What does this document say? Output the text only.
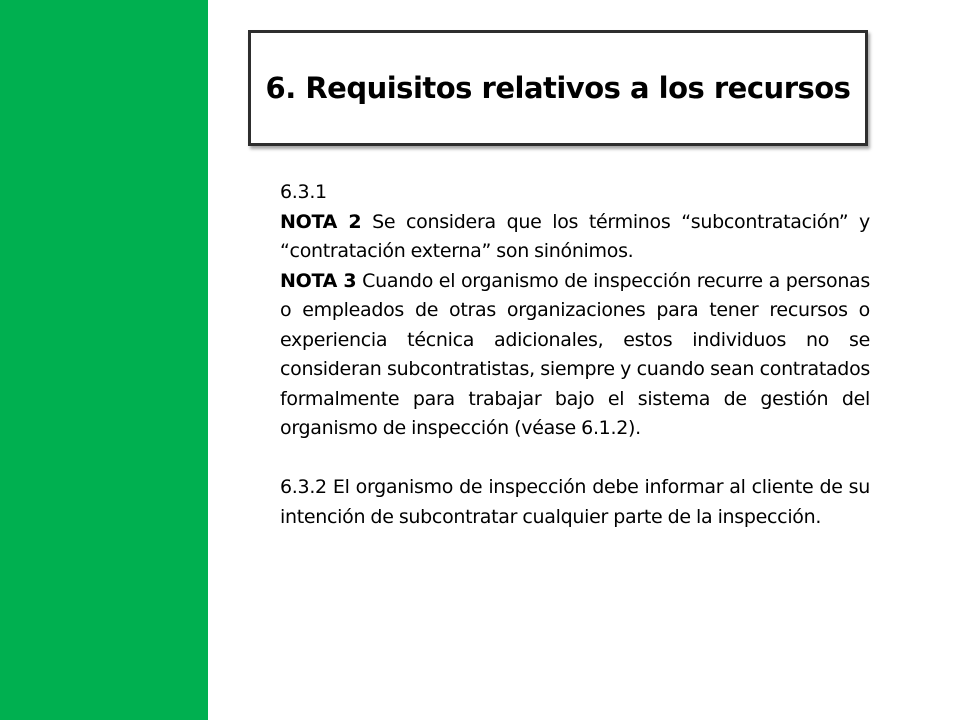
6. Requisitos relativos a los recursos

6.3.1

NOTA 2 Se considera que los términos “subcontratación” y “contratación externa” son sinónimos.

NOTA 3 Cuando el organismo de inspección recurre a personas o empleados de otras organizaciones para tener recursos o experiencia técnica adicionales, estos individuos no se consideran subcontratistas, siempre y cuando sean contratados formalmente para trabajar bajo el sistema de gestión del organismo de inspección (véase 6.1.2).

6.3.2 El organismo de inspección debe informar al cliente de su intención de subcontratar cualquier parte de la inspección.
